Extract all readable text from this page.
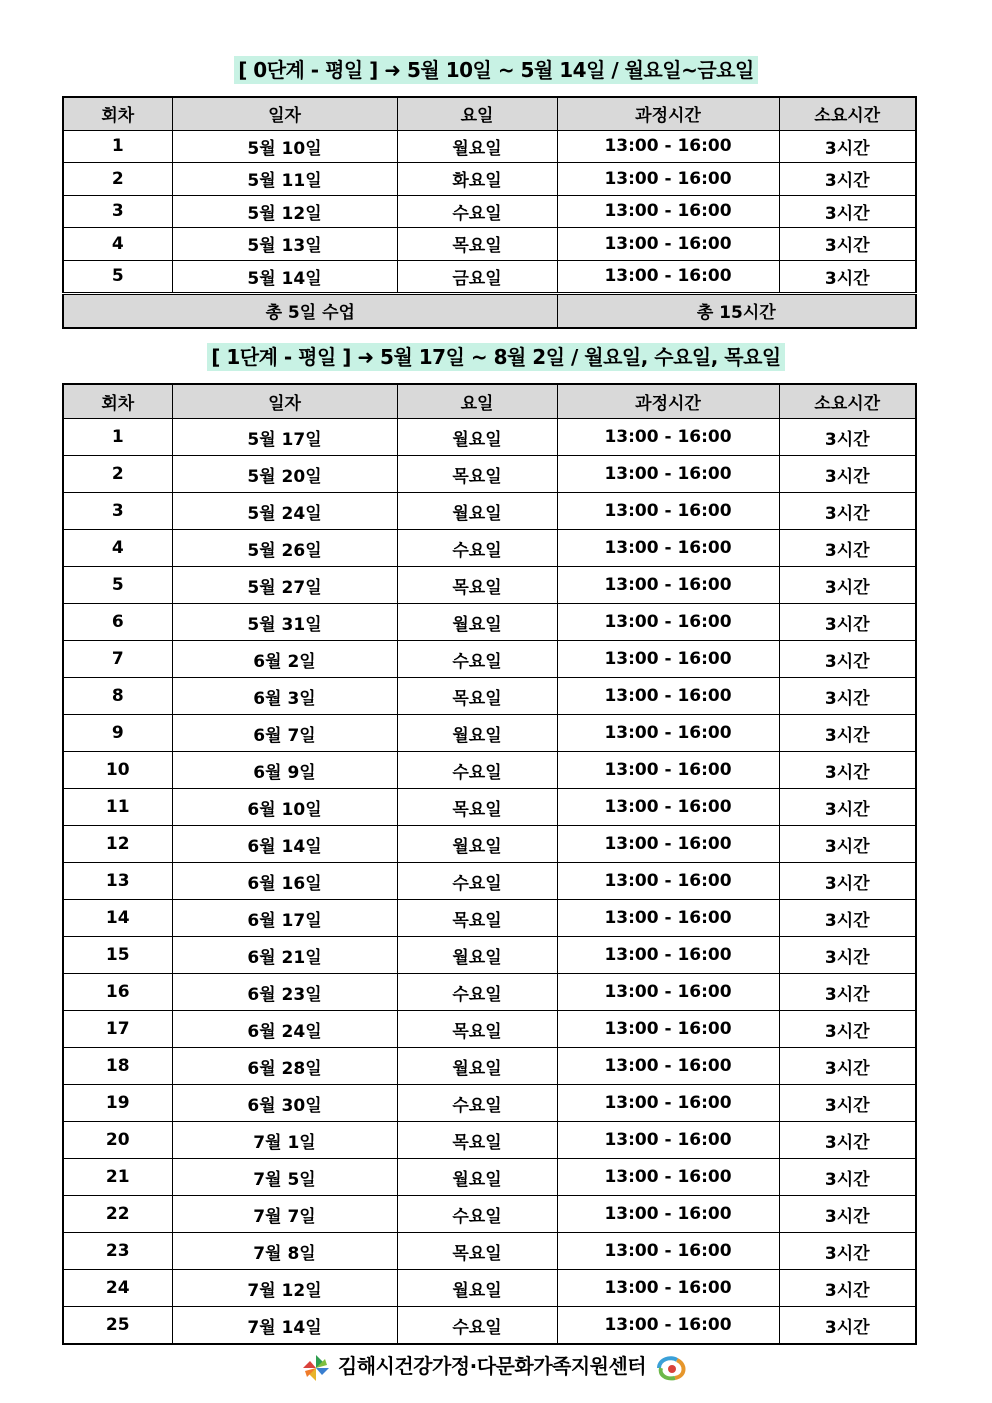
[ 0단계 - 평일 ] ➜ 5월 10일 ~ 5월 14일 / 월요일~금요일
회차	일자	요일	과정시간	소요시간
1	5월 10일	월요일	13:00 - 16:00	3시간
2	5월 11일	화요일	13:00 - 16:00	3시간
3	5월 12일	수요일	13:00 - 16:00	3시간
4	5월 13일	목요일	13:00 - 16:00	3시간
5	5월 14일	금요일	13:00 - 16:00	3시간
총 5일 수업			총 15시간	
[ 1단계 - 평일 ] ➜ 5월 17일 ~ 8월 2일 / 월요일, 수요일, 목요일
회차	일자	요일	과정시간	소요시간
1	5월 17일	월요일	13:00 - 16:00	3시간
2	5월 20일	목요일	13:00 - 16:00	3시간
3	5월 24일	월요일	13:00 - 16:00	3시간
4	5월 26일	수요일	13:00 - 16:00	3시간
5	5월 27일	목요일	13:00 - 16:00	3시간
6	5월 31일	월요일	13:00 - 16:00	3시간
7	6월 2일	수요일	13:00 - 16:00	3시간
8	6월 3일	목요일	13:00 - 16:00	3시간
9	6월 7일	월요일	13:00 - 16:00	3시간
10	6월 9일	수요일	13:00 - 16:00	3시간
11	6월 10일	목요일	13:00 - 16:00	3시간
12	6월 14일	월요일	13:00 - 16:00	3시간
13	6월 16일	수요일	13:00 - 16:00	3시간
14	6월 17일	목요일	13:00 - 16:00	3시간
15	6월 21일	월요일	13:00 - 16:00	3시간
16	6월 23일	수요일	13:00 - 16:00	3시간
17	6월 24일	목요일	13:00 - 16:00	3시간
18	6월 28일	월요일	13:00 - 16:00	3시간
19	6월 30일	수요일	13:00 - 16:00	3시간
20	7월 1일	목요일	13:00 - 16:00	3시간
21	7월 5일	월요일	13:00 - 16:00	3시간
22	7월 7일	수요일	13:00 - 16:00	3시간
23	7월 8일	목요일	13:00 - 16:00	3시간
24	7월 12일	월요일	13:00 - 16:00	3시간
25	7월 14일	수요일	13:00 - 16:00	3시간
김해시건강가정·다문화가족지원센터
